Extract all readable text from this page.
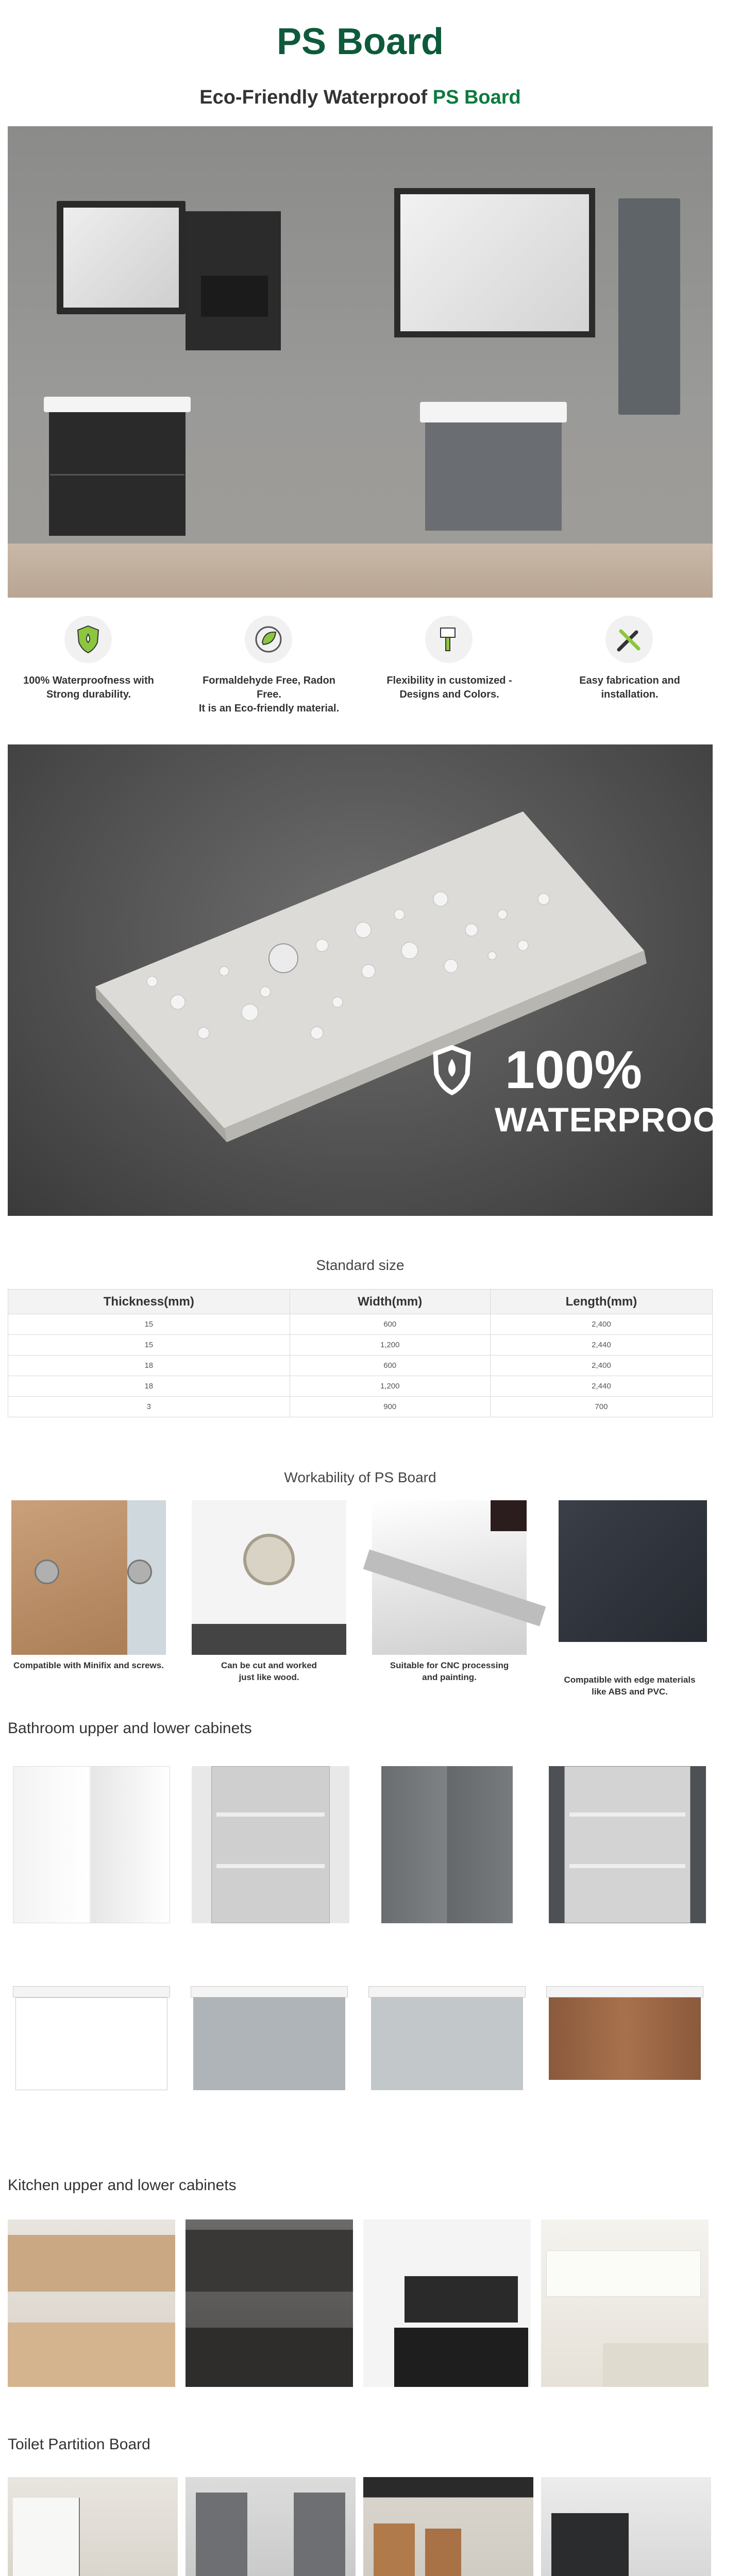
PS Board
Eco-Friendly Waterproof PS Board
100% Waterproofness with
Strong durability.
Formaldehyde Free, Radon Free.
It is an Eco-friendly material.
Flexibility in customized -
Designs and Colors.
Easy fabrication and installation.
100%
WATERPROOF
Standard size
Thickness(mm)	Width(mm)	Length(mm)
15	600	2,400
15	1,200	2,440
18	600	2,400
18	1,200	2,440
3	900	700
Workability of PS Board
Compatible with Minifix and screws.	Can be cut and worked
just like wood.
Suitable for CNC processing
and painting.	Compatible with edge materials
like ABS and PVC.
Bathroom upper and lower cabinets
Kitchen upper and lower cabinets
Toilet Partition Board
